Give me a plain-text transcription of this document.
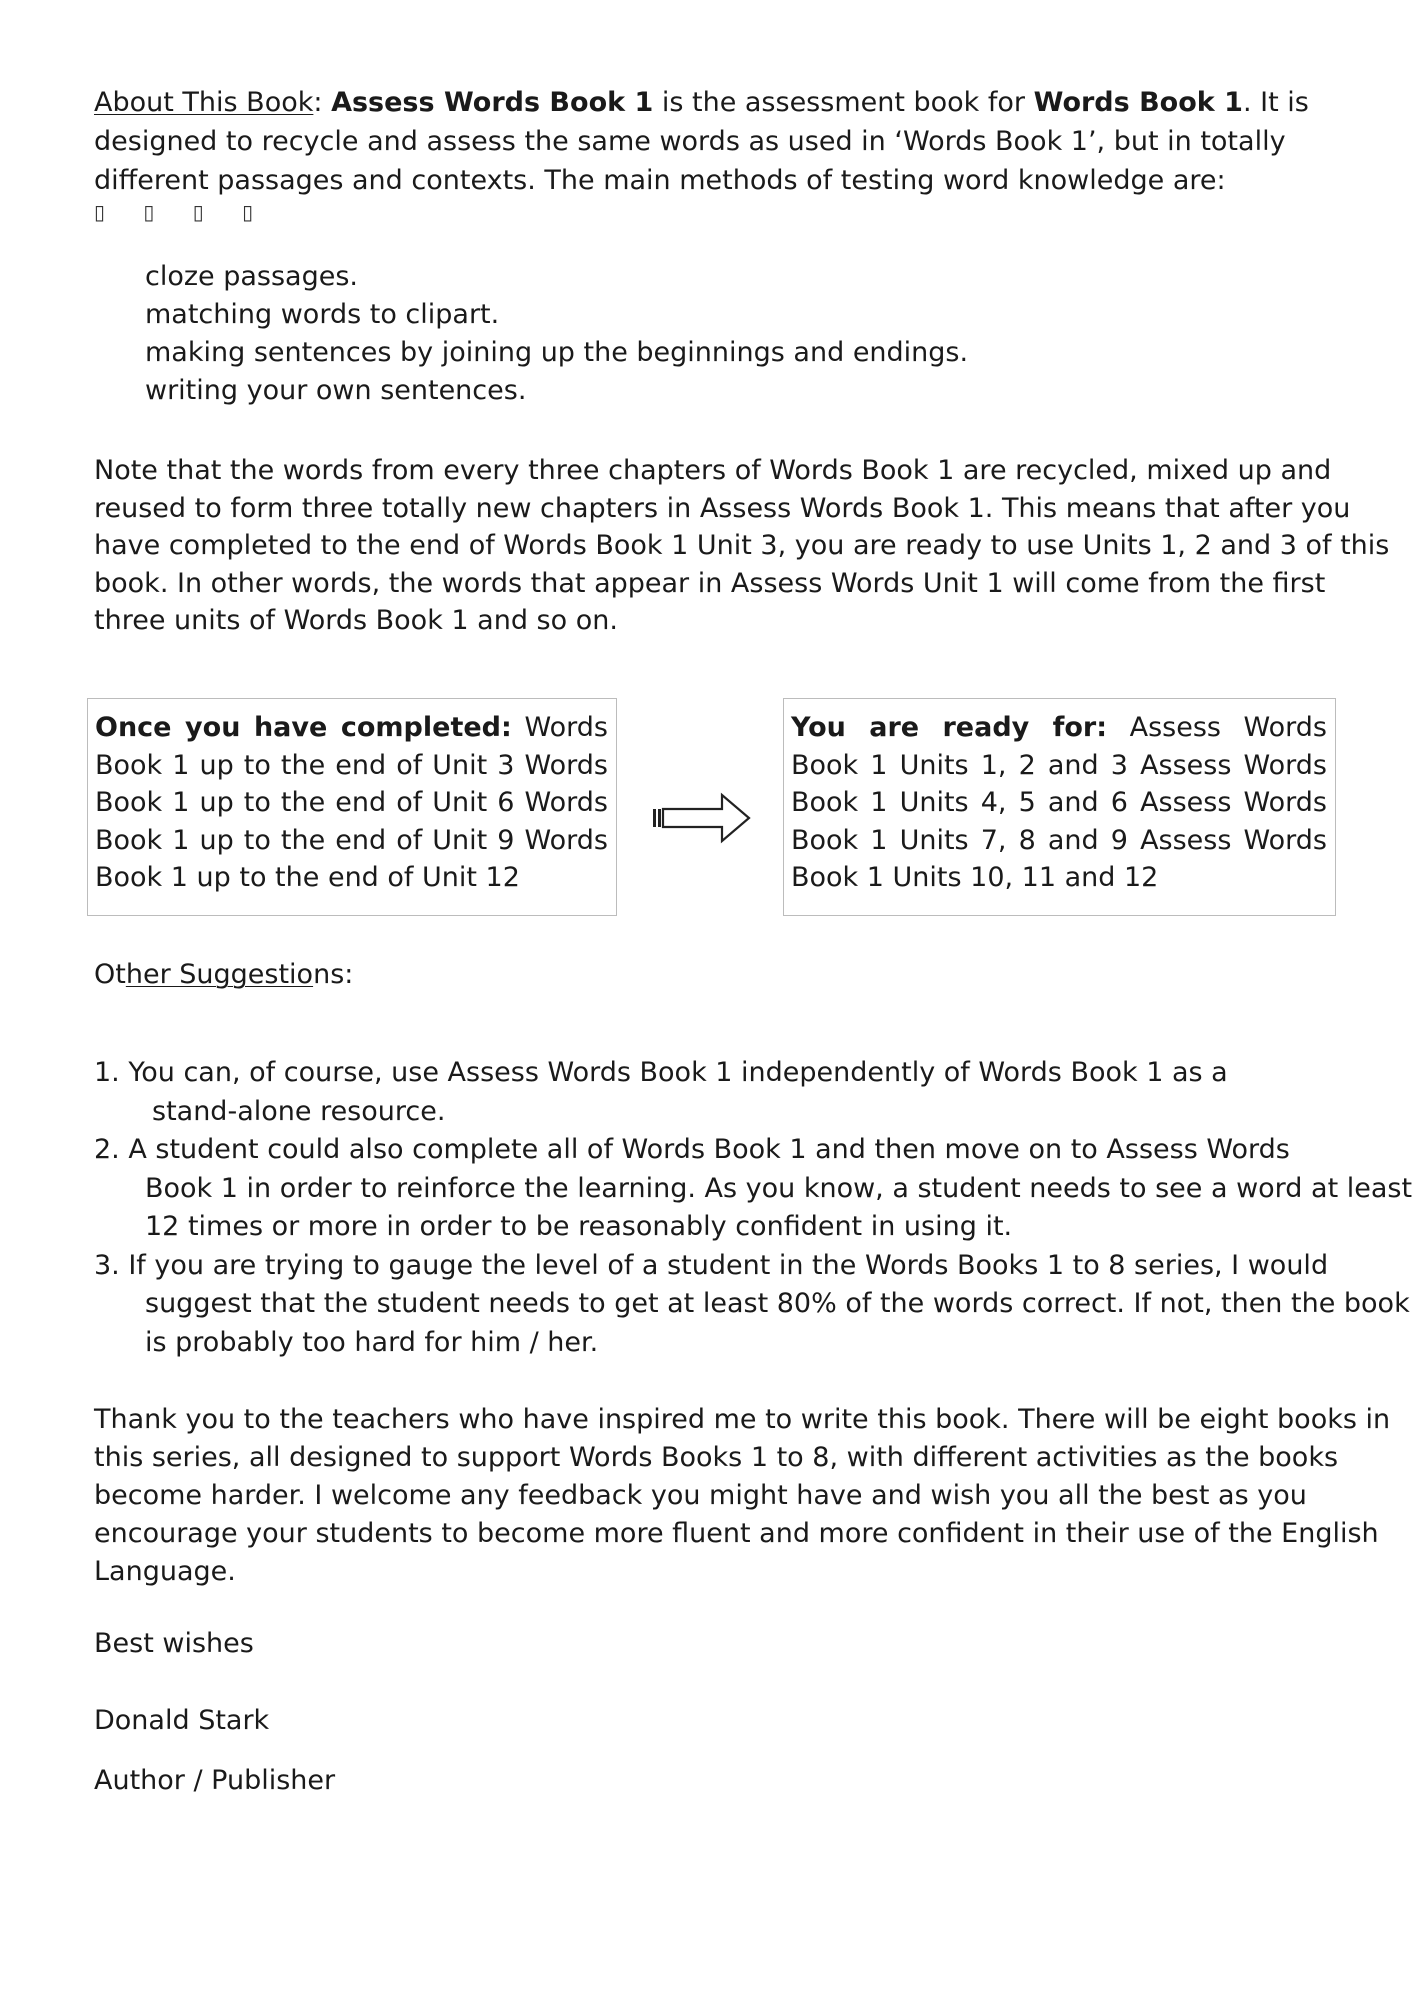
About This Book: Assess Words Book 1 is the assessment book for Words Book 1. It is designed to recycle and assess the same words as used in ‘Words Book 1’, but in totally different passages and contexts. The main methods of testing word knowledge are:
▯ ▯ ▯ ▯
cloze passages.
matching words to clipart.
making sentences by joining up the beginnings and endings.
writing your own sentences.

Note that the words from every three chapters of Words Book 1 are recycled, mixed up and

reused to form three totally new chapters in Assess Words Book 1. This means that after you

have completed to the end of Words Book 1 Unit 3, you are ready to use Units 1, 2 and 3 of this

book. In other words, the words that appear in Assess Words Unit 1 will come from the first

three units of Words Book 1 and so on.

Once you have completed: Words Book 1 up to the end of Unit 3 Words Book 1 up to the end of Unit 6 Words Book 1 up to the end of Unit 9 Words Book 1 up to the end of Unit 12
You are ready for: Assess Words Book 1 Units 1, 2 and 3 Assess Words Book 1 Units 4, 5 and 6 Assess Words Book 1 Units 7, 8 and 9 Assess Words Book 1 Units 10, 11 and 12
Other Suggestions:
1. You can, of course, use Assess Words Book 1 independently of Words Book 1 as a
stand-alone resource.
2. A student could also complete all of Words Book 1 and then move on to Assess Words
Book 1 in order to reinforce the learning. As you know, a student needs to see a word at least
12 times or more in order to be reasonably confident in using it.
3. If you are trying to gauge the level of a student in the Words Books 1 to 8 series, I would
suggest that the student needs to get at least 80% of the words correct. If not, then the book
is probably too hard for him / her.
Thank you to the teachers who have inspired me to write this book. There will be eight books in
this series, all designed to support Words Books 1 to 8, with different activities as the books
become harder. I welcome any feedback you might have and wish you all the best as you
encourage your students to become more fluent and more confident in their use of the English
Language.
Best wishes
Donald Stark
Author / Publisher
